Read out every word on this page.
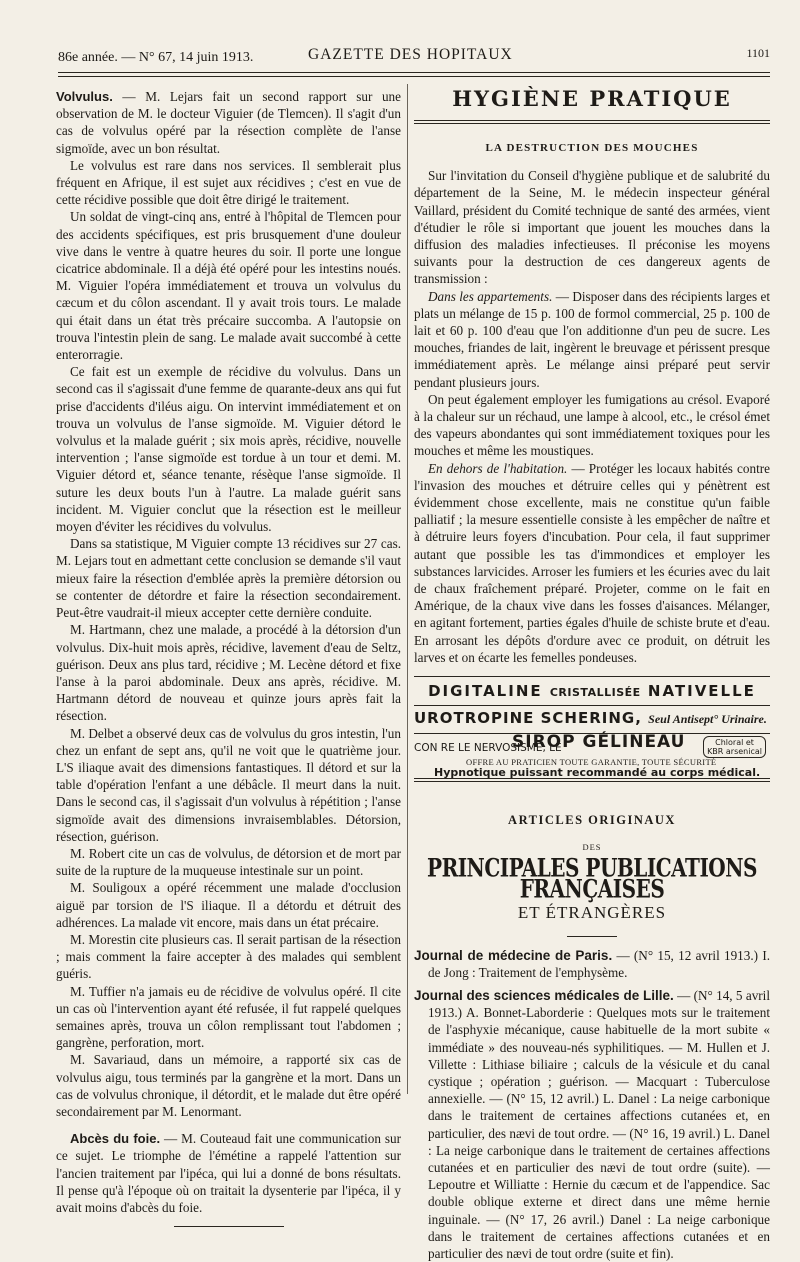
86e année. — N° 67, 14 juin 1913.	GAZETTE DES HOPITAUX	1101

Volvulus. — M. Lejars fait un second rapport sur une observation de M. le docteur Viguier (de Tlemcen). Il s'agit d'un cas de volvulus opéré par la résection complète de l'anse sigmoïde, avec un bon résultat.

Le volvulus est rare dans nos services. Il semblerait plus fréquent en Afrique, il est sujet aux récidives ; c'est en vue de cette récidive possible que doit être dirigé le traitement.

Un soldat de vingt-cinq ans, entré à l'hôpital de Tlemcen pour des accidents spécifiques, est pris brusquement d'une douleur vive dans le ventre à quatre heures du soir. Il porte une longue cicatrice abdominale. Il a déjà été opéré pour les intestins noués. M. Viguier l'opéra immédiatement et trouva un volvulus du cæcum et du côlon ascendant. Il y avait trois tours. Le malade qui était dans un état très précaire succomba. A l'autopsie on trouva l'intestin plein de sang. Le malade avait succombé à cette enterorragie.

Ce fait est un exemple de récidive du volvulus. Dans un second cas il s'agissait d'une femme de quarante-deux ans qui fut prise d'accidents d'iléus aigu. On intervint immédiatement et on trouva un volvulus de l'anse sigmoïde. M. Viguier détord le volvulus et la malade guérit ; six mois après, récidive, nouvelle intervention ; l'anse sigmoïde est tordue à un tour et demi. M. Viguier détord et, séance tenante, résèque l'anse sigmoïde. Il suture les deux bouts l'un à l'autre. La malade guérit sans incident. M. Viguier conclut que la résection est le meilleur moyen d'éviter les récidives du volvulus.

Dans sa statistique, M Viguier compte 13 récidives sur 27 cas. M. Lejars tout en admettant cette conclusion se demande s'il vaut mieux faire la résection d'emblée après la première détorsion ou se contenter de détordre et faire la résection secondairement. Peut-être vaudrait-il mieux accepter cette dernière conduite.

M. Hartmann, chez une malade, a procédé à la détorsion d'un volvulus. Dix-huit mois après, récidive, lavement d'eau de Seltz, guérison. Deux ans plus tard, récidive ; M. Lecène détord et fixe l'anse à la paroi abdominale. Deux ans après, récidive. M. Hartmann détord de nouveau et quinze jours après fait la résection.

M. Delbet a observé deux cas de volvulus du gros intestin, l'un chez un enfant de sept ans, qu'il ne voit que le quatrième jour. L'S iliaque avait des dimensions fantastiques. Il détord et sur la table d'opération l'enfant a une débâcle. Il meurt dans la nuit. Dans le second cas, il s'agissait d'un volvulus à répétition ; l'anse sigmoïde avait des dimensions invraisemblables. Détorsion, résection, guérison.

M. Robert cite un cas de volvulus, de détorsion et de mort par suite de la rupture de la muqueuse intestinale sur un point.

M. Souligoux a opéré récemment une malade d'occlusion aiguë par torsion de l'S iliaque. Il a détordu et détruit des adhérences. La malade vit encore, mais dans un état précaire.

M. Morestin cite plusieurs cas. Il serait partisan de la résection ; mais comment la faire accepter à des malades qui semblent guéris.

M. Tuffier n'a jamais eu de récidive de volvulus opéré. Il cite un cas où l'intervention ayant été refusée, il fut rappelé quelques semaines après, trouva un côlon remplissant tout l'abdomen ; gangrène, perforation, mort.

M. Savariaud, dans un mémoire, a rapporté six cas de volvulus aigu, tous terminés par la gangrène et la mort. Dans un cas de volvulus chronique, il détordit, et le malade dut être opéré secondairement par M. Lenormant.

Abcès du foie. — M. Couteaud fait une communication sur ce sujet. Le triomphe de l'émétine a rappelé l'attention sur l'ancien traitement par l'ipéca, qui lui a donné de bons résultats. Il pense qu'à l'époque où on traitait la dysenterie par l'ipéca, il y avait moins d'abcès du foie.

HYGIÈNE PRATIQUE
LA DESTRUCTION DES MOUCHES

Sur l'invitation du Conseil d'hygiène publique et de salubrité du département de la Seine, M. le médecin inspecteur général Vaillard, président du Comité technique de santé des armées, vient d'étudier le rôle si important que jouent les mouches dans la diffusion des maladies infectieuses. Il préconise les moyens suivants pour la destruction de ces dangereux agents de transmission :

Dans les appartements. — Disposer dans des récipients larges et plats un mélange de 15 p. 100 de formol commercial, 25 p. 100 de lait et 60 p. 100 d'eau que l'on additionne d'un peu de sucre. Les mouches, friandes de lait, ingèrent le breuvage et périssent presque immédiatement après. Le mélange ainsi préparé peut servir pendant plusieurs jours.

On peut également employer les fumigations au crésol. Evaporé à la chaleur sur un réchaud, une lampe à alcool, etc., le crésol émet des vapeurs abondantes qui sont immédiatement toxiques pour les mouches et même les moustiques.

En dehors de l'habitation. — Protéger les locaux habités contre l'invasion des mouches et détruire celles qui y pénètrent est évidemment chose excellente, mais ne constitue qu'un faible palliatif ; la mesure essentielle consiste à les empêcher de naître et à détruire leurs foyers d'incubation. Pour cela, il faut supprimer autant que possible les tas d'immondices et employer les substances larvicides. Arroser les fumiers et les écuries avec du lait de chaux fraîchement préparé. Projeter, comme on le fait en Amérique, de la chaux vive dans les fosses d'aisances. Mélanger, en agitant fortement, parties égales d'huile de schiste brute et d'eau. En arrosant les dépôts d'ordure avec ce produit, on détruit les larves et on écarte les femelles pondeuses.

DIGITALINE CRISTALLISÉE NATIVELLE
UROTROPINE SCHERING, Seul Antisept° Urinaire.
CON RE LE NERVOSISME, LE
SIROP GÉLINEAU	Chloral et
KBR arsenical
OFFRE AU PRATICIEN TOUTE GARANTIE, TOUTE SÉCURITÉ
Hypnotique puissant recommandé au corps médical.
ARTICLES ORIGINAUX
DES
PRINCIPALES PUBLICATIONS FRANÇAISES
ET ÉTRANGÈRES

Journal de médecine de Paris. — (N° 15, 12 avril 1913.) I. de Jong : Traitement de l'emphysème.

Journal des sciences médicales de Lille. — (N° 14, 5 avril 1913.) A. Bonnet-Laborderie : Quelques mots sur le traitement de l'asphyxie mécanique, cause habituelle de la mort subite « immédiate » des nouveau-nés syphilitiques. — M. Hullen et J. Villette : Lithiase biliaire ; calculs de la vésicule et du canal cystique ; opération ; guérison. — Macquart : Tuberculose annexielle. — (N° 15, 12 avril.) L. Danel : La neige carbonique dans le traitement de certaines affections cutanées et, en particulier, des nævi de tout ordre. — (N° 16, 19 avril.) L. Danel : La neige carbonique dans le traitement de certaines affections cutanées et en particulier des nævi de tout ordre (suite). — Lepoutre et Williatte : Hernie du cæcum et de l'appendice. Sac double oblique externe et direct dans une même hernie inguinale. — (N° 17, 26 avril.) Danel : La neige carbonique dans le traitement de certaines affections cutanées et en particulier des nævi de tout ordre (suite et fin).
